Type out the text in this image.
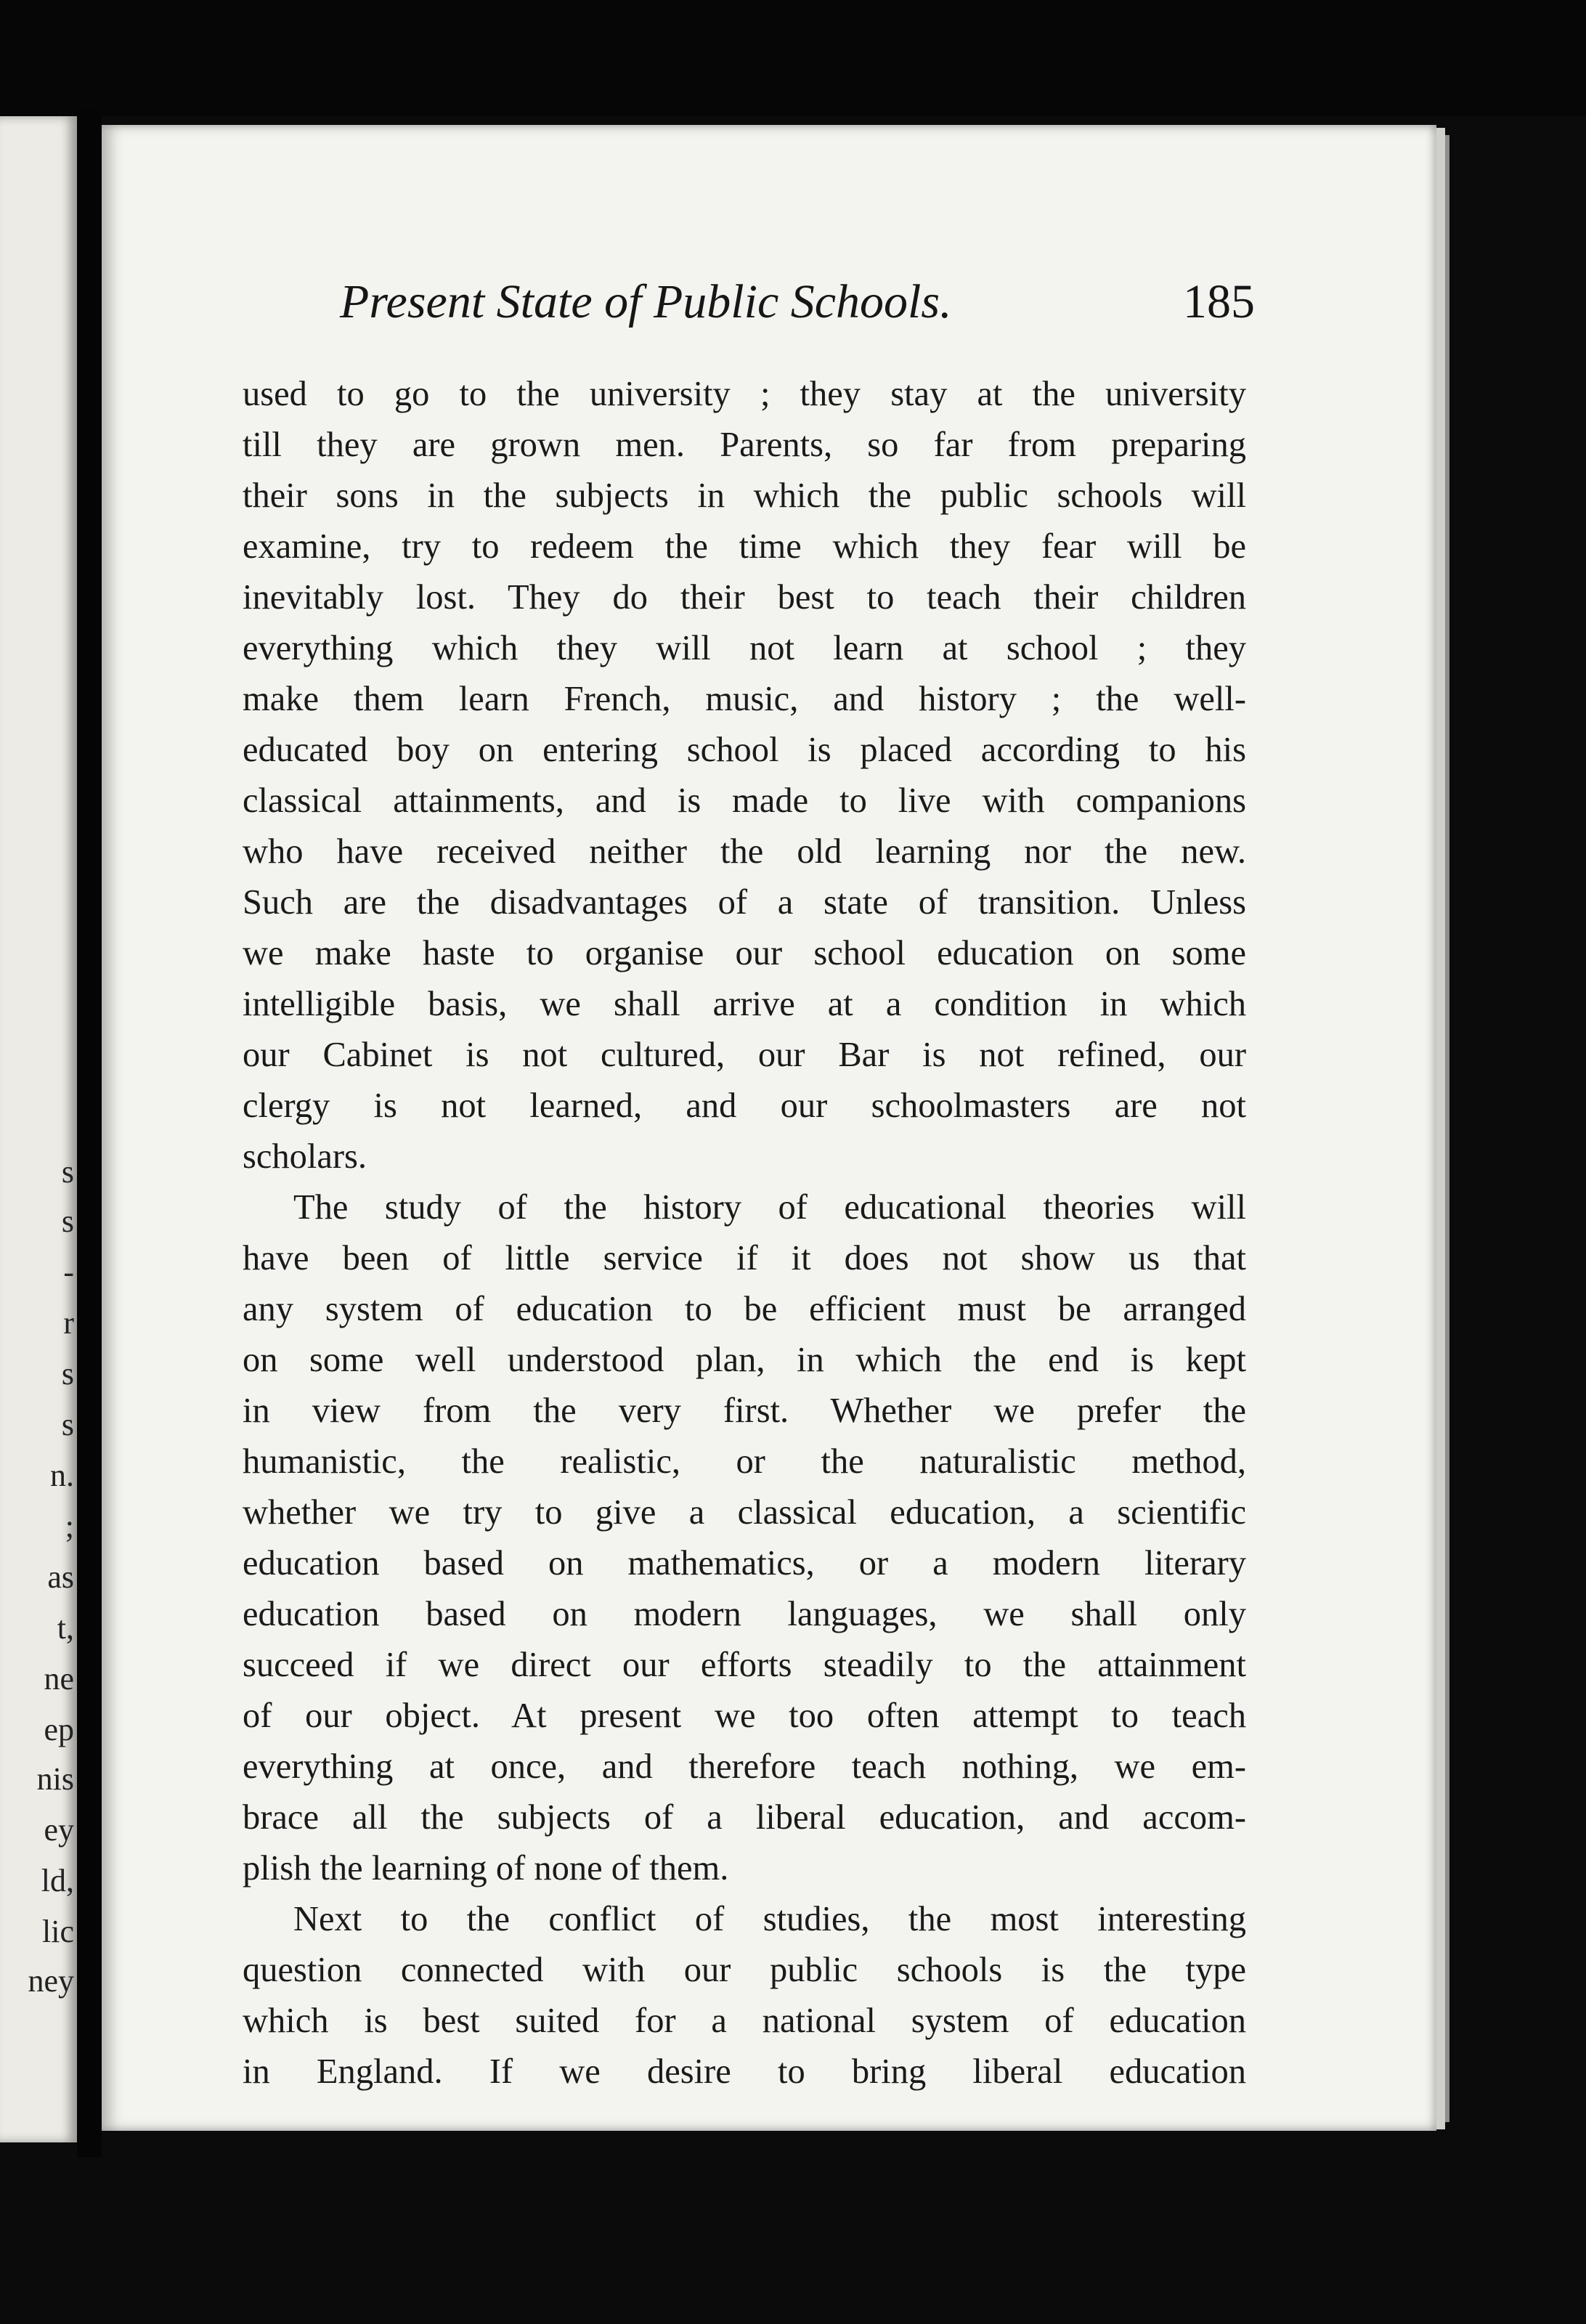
s
s
-
r
s
s
n.
;
as
t,
ne
ep
nis
ey
ld,
lic
ney
Present State of Public Schools.	185
used to go to the university ; they stay at the university
till they are grown men. Parents, so far from preparing
their sons in the subjects in which the public schools will
examine, try to redeem the time which they fear will be
inevitably lost. They do their best to teach their children
everything which they will not learn at school ; they
make them learn French, music, and history ; the well-
educated boy on entering school is placed according to his
classical attainments, and is made to live with companions
who have received neither the old learning nor the new.
Such are the disadvantages of a state of transition. Unless
we make haste to organise our school education on some
intelligible basis, we shall arrive at a condition in which
our Cabinet is not cultured, our Bar is not refined, our
clergy is not learned, and our schoolmasters are not
scholars.
The study of the history of educational theories will
have been of little service if it does not show us that
any system of education to be efficient must be arranged
on some well understood plan, in which the end is kept
in view from the very first. Whether we prefer the
humanistic, the realistic, or the naturalistic method,
whether we try to give a classical education, a scientific
education based on mathematics, or a modern literary
education based on modern languages, we shall only
succeed if we direct our efforts steadily to the attainment
of our object. At present we too often attempt to teach
everything at once, and therefore teach nothing, we em-
brace all the subjects of a liberal education, and accom-
plish the learning of none of them.
Next to the conflict of studies, the most interesting
question connected with our public schools is the type
which is best suited for a national system of education
in England. If we desire to bring liberal education
